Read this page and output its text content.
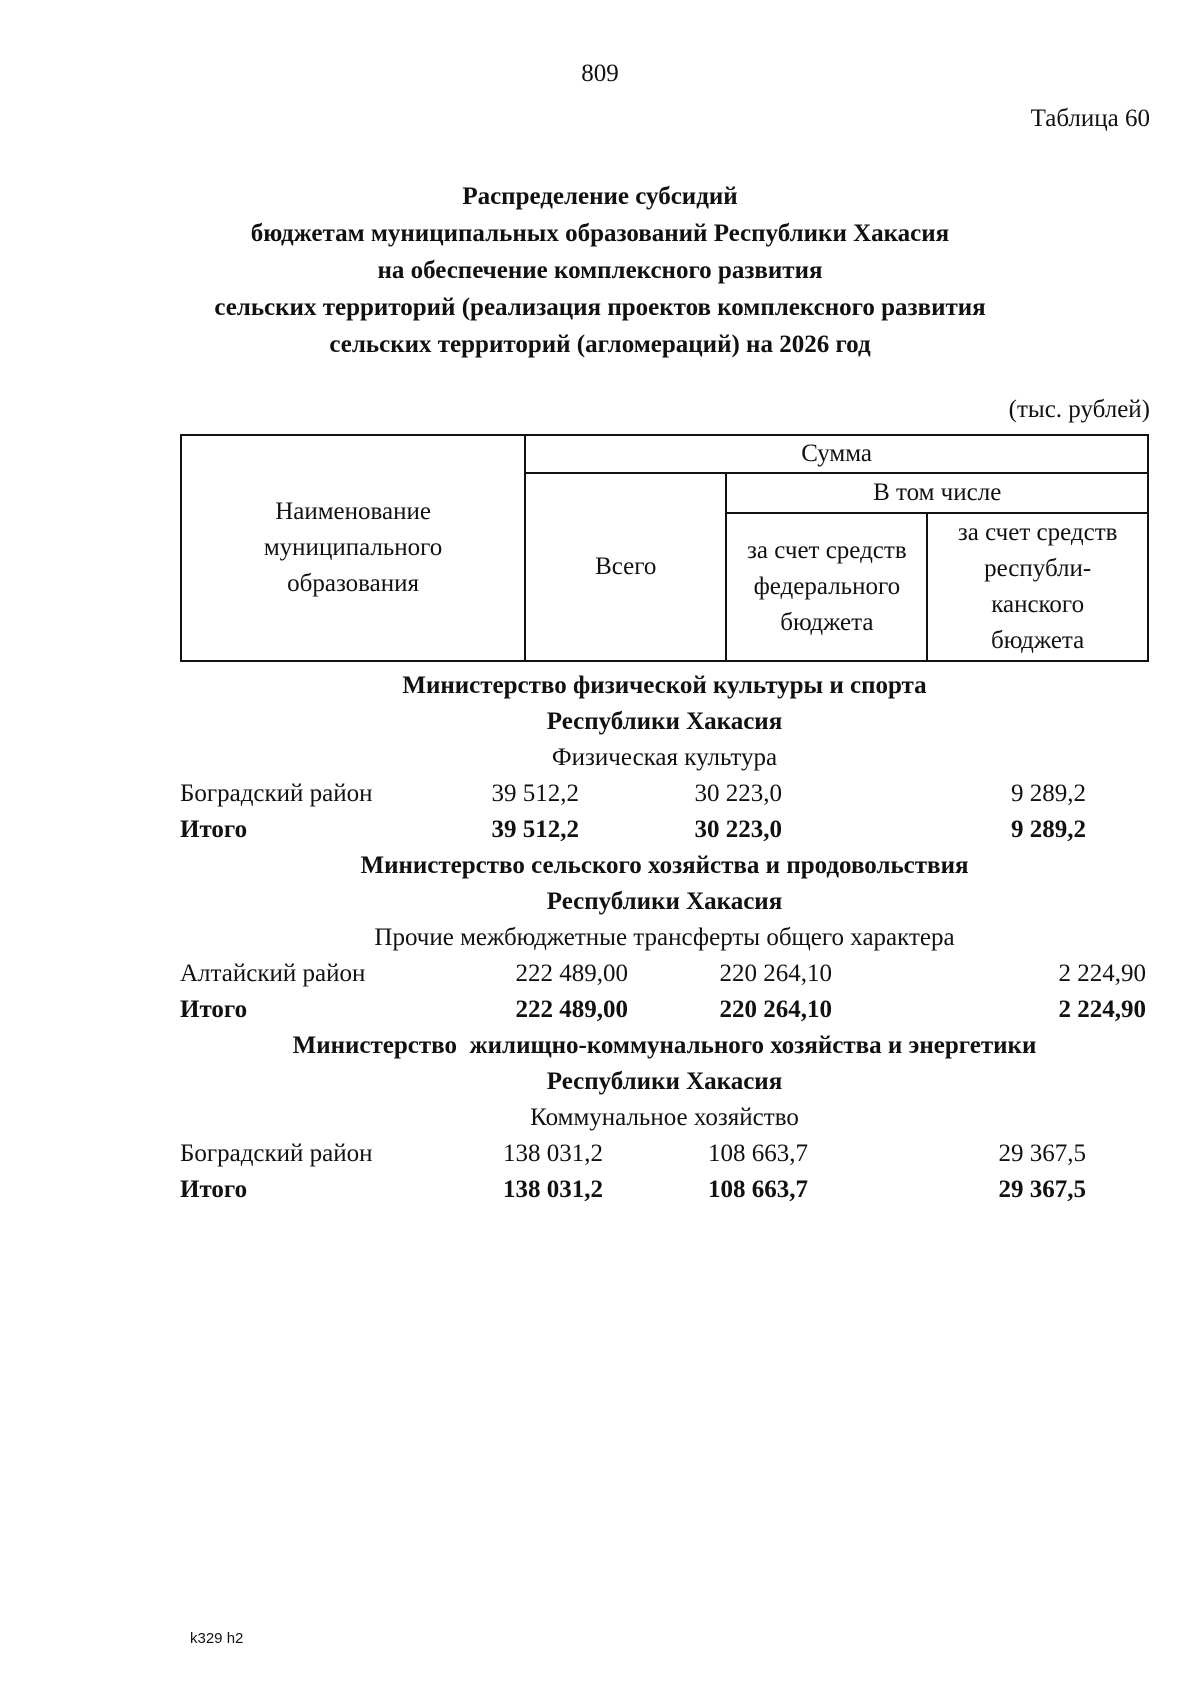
809
Таблица 60
Распределение субсидий
бюджетам муниципальных образований Республики Хакасия
на обеспечение комплексного развития
сельских территорий (реализация проектов комплексного развития
сельских территорий (агломераций) на 2026 год
(тыс. рублей)
Наименование муниципального образования	Сумма		
	Всего	В том числе	

		за счет средств федерального бюджета	за счет средств республи-канского бюджета
Министерство физической культуры и спорта
Республики Хакасия
Физическая культура
Боградский район	39 512,2	30 223,0	9 289,2
Итого	39 512,2	30 223,0	9 289,2
Министерство сельского хозяйства и продовольствия
Республики Хакасия
Прочие межбюджетные трансферты общего характера
Алтайский район	222 489,00	220 264,10	2 224,90
Итого	222 489,00	220 264,10	2 224,90
Министерство  жилищно-коммунального хозяйства и энергетики
Республики Хакасия
Коммунальное хозяйство
Боградский район	138 031,2	108 663,7	29 367,5
Итого	138 031,2	108 663,7	29 367,5
k329 h2
